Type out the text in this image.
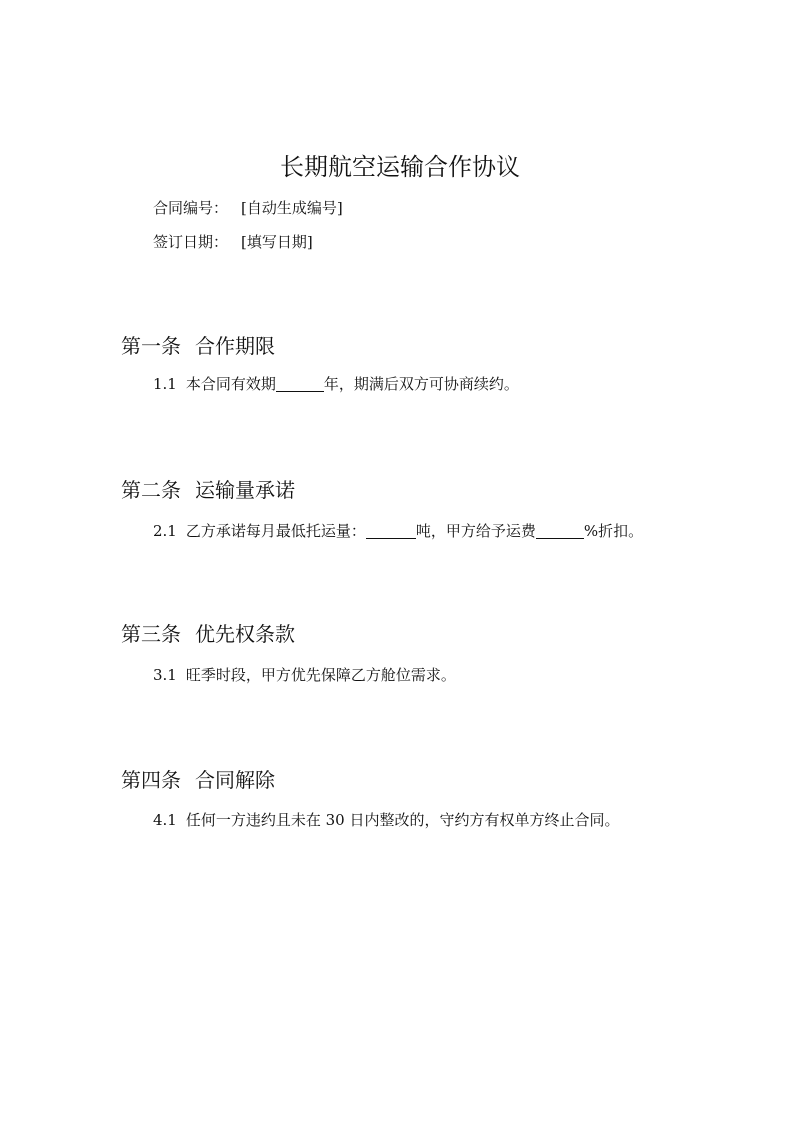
长期航空运输合作协议
合同编号： [自动生成编号]
签订日期： [填写日期]
第一条 合作期限
1.1 本合同有效期	年，期满后双方可协商续约。
第二条 运输量承诺
2.1 乙方承诺每月最低托运量：	吨，甲方给予运费	%折扣。
第三条 优先权条款
3.1 旺季时段，甲方优先保障乙方舱位需求。
第四条 合同解除
4.1 任何一方违约且未在 30 日内整改的，守约方有权单方终止合同。
